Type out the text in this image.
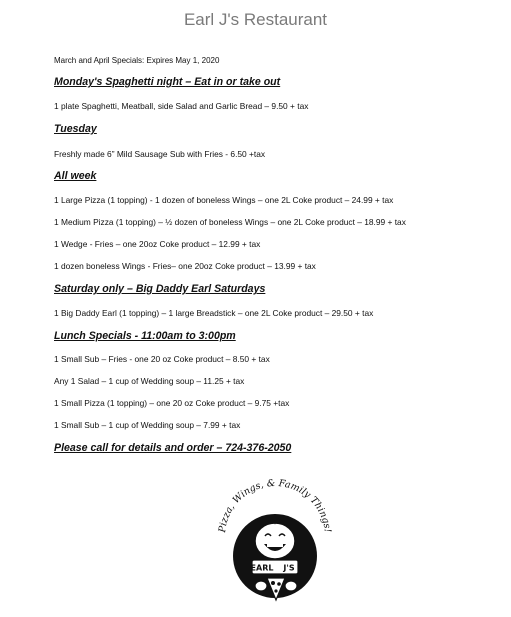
Earl J's Restaurant
March and April Specials: Expires May 1, 2020
Monday's Spaghetti night – Eat in or take out
1 plate Spaghetti, Meatball, side Salad and Garlic Bread – 9.50 + tax
Tuesday
Freshly made 6” Mild Sausage Sub with Fries - 6.50 +tax
All week
1 Large Pizza (1 topping) - 1 dozen of boneless Wings – one 2L Coke product – 24.99 + tax
1 Medium Pizza (1 topping) – ½ dozen of boneless Wings – one 2L Coke product – 18.99 + tax
1 Wedge - Fries – one 20oz Coke product – 12.99 + tax
1 dozen boneless Wings - Fries– one 20oz Coke product – 13.99 + tax
Saturday only – Big Daddy Earl Saturdays
1 Big Daddy Earl (1 topping) – 1 large Breadstick – one 2L Coke product – 29.50 + tax
Lunch Specials - 11:00am to 3:00pm
1 Small Sub – Fries - one 20 oz Coke product – 8.50 + tax
Any 1 Salad – 1 cup of Wedding soup – 11.25 + tax
1 Small Pizza (1 topping) – one 20 oz Coke product – 9.75 +tax
1 Small Sub – 1 cup of Wedding soup – 7.99 + tax
Please call for details and order – 724-376-2050
Pizza, Wings, & Family Things!
EARL J'S
